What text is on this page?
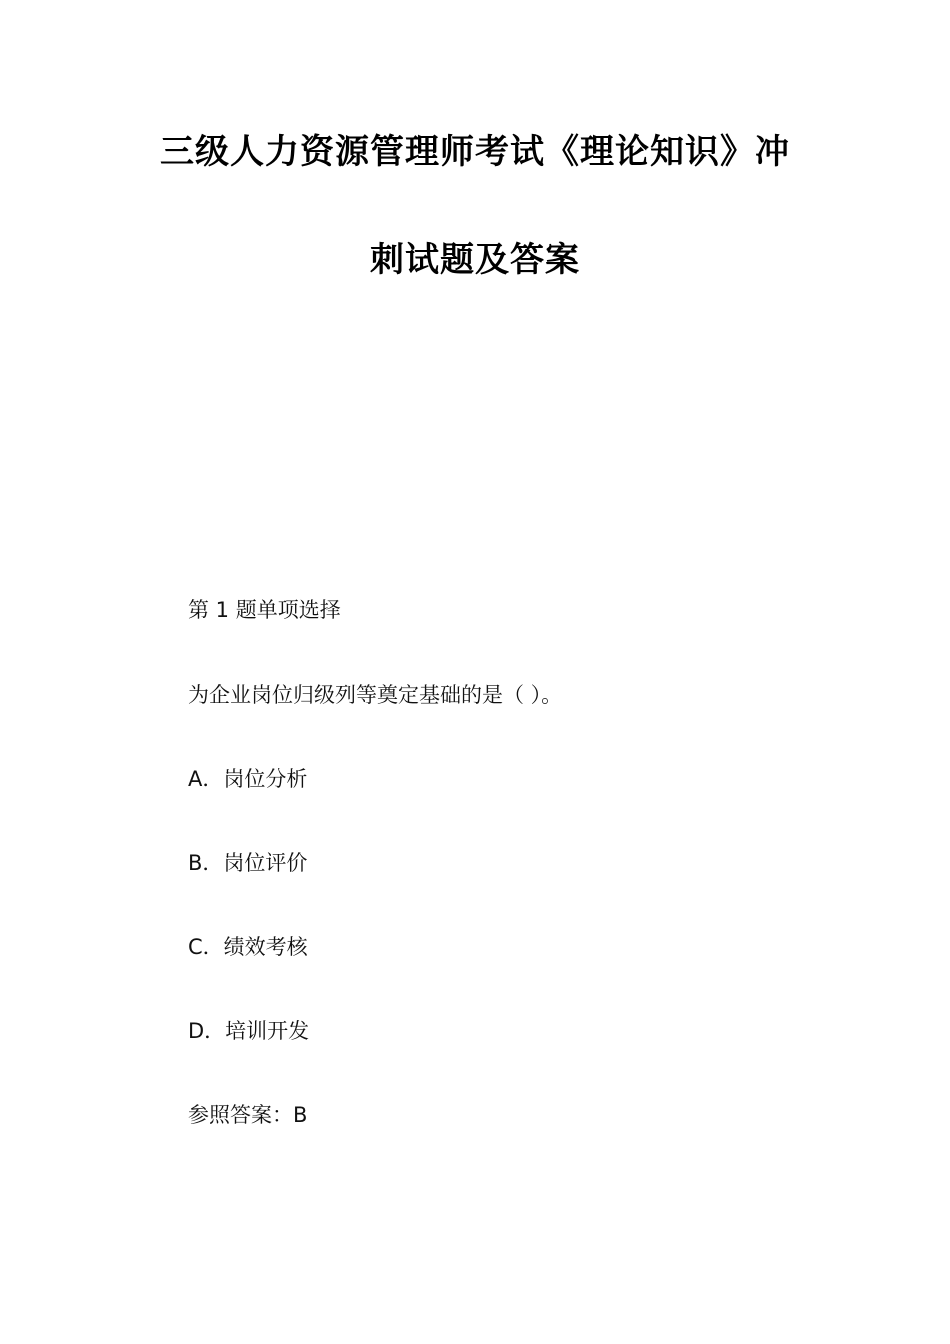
三级人力资源管理师考试《理论知识》冲
刺试题及答案
第 1 题单项选择
为企业岗位归级列等奠定基础的是（ ）。
A．岗位分析
B．岗位评价
C．绩效考核
D．培训开发
参照答案：B
